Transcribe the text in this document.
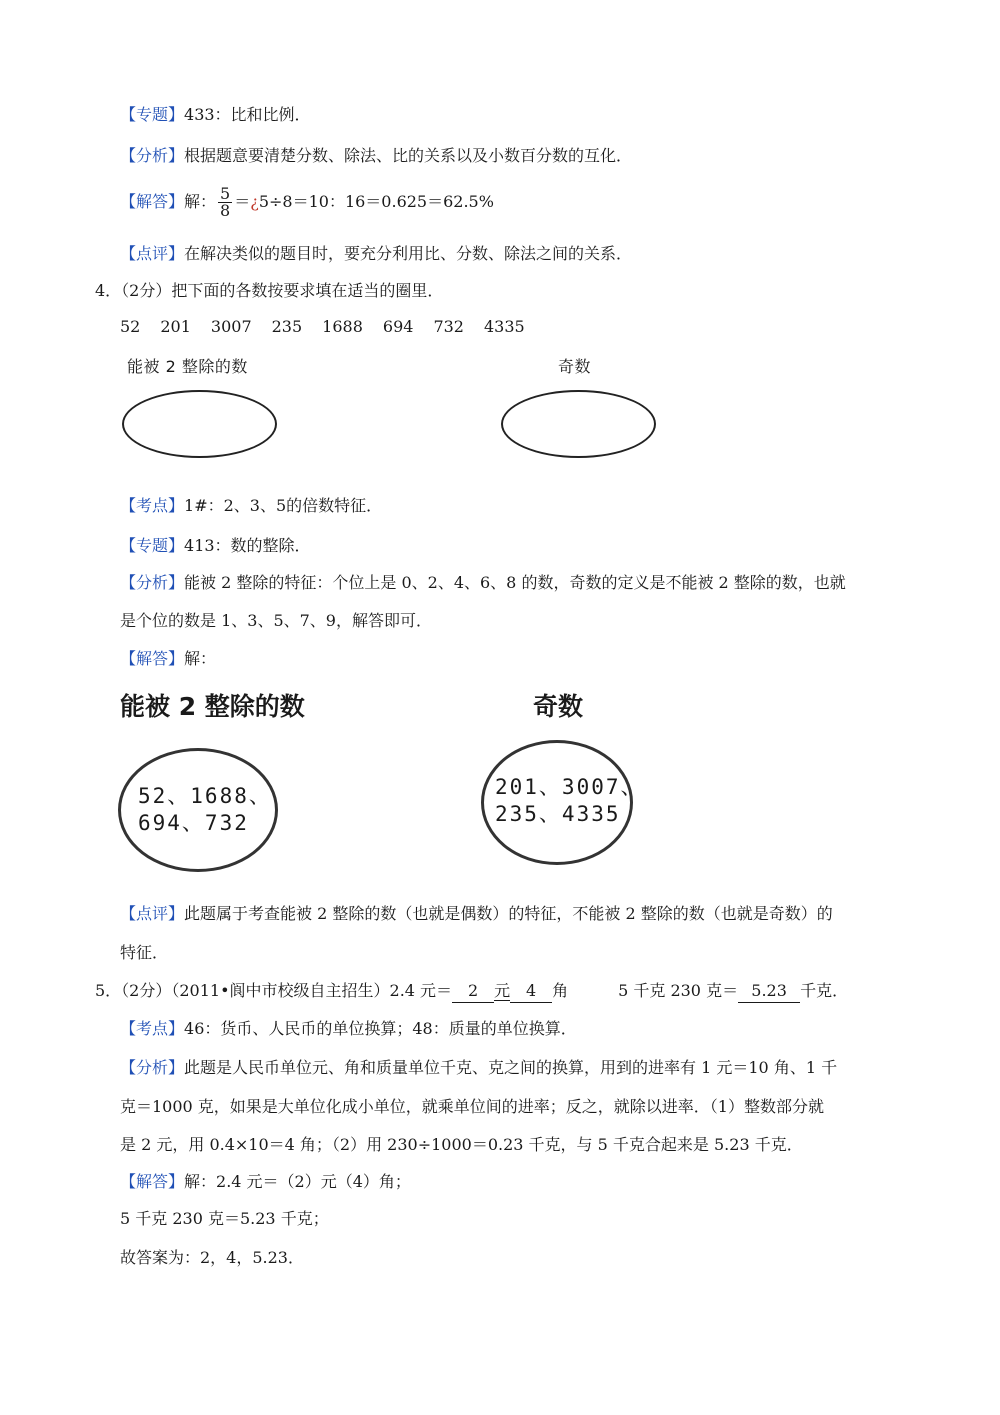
【专题】433：比和比例．
【分析】根据题意要清楚分数、除法、比的关系以及小数百分数的互化．
【解答】解： $\frac{5}{8}$ ＝¿5÷8＝10：16＝0.625＝62.5%
【点评】在解决类似的题目时，要充分利用比、分数、除法之间的关系．
4．（2分）把下面的各数按要求填在适当的圈里．
52 201 3007 235 1688 694 732 4335
能被 2 整除的数	奇数
【考点】1#：2、3、5的倍数特征．
【专题】413：数的整除．
【分析】能被 2 整除的特征：个位上是 0、2、4、6、8 的数，奇数的定义是不能被 2 整除的数，也就
是个位的数是 1、3、5、7、9，解答即可．
【解答】解：
能被 2 整除的数	奇数
52、1688、
694、732
201、3007、
235、4335
【点评】此题属于考查能被 2 整除的数（也就是偶数）的特征，不能被 2 整除的数（也就是奇数）的
特征．
5．（2分）（2011•阆中市校级自主招生）2.4 元＝ 2 元 4 角	5 千克 230 克＝ 5.23 千克．
【考点】46：货币、人民币的单位换算；48：质量的单位换算．
【分析】此题是人民币单位元、角和质量单位千克、克之间的换算，用到的进率有 1 元＝10 角、1 千
克＝1000 克，如果是大单位化成小单位，就乘单位间的进率；反之，就除以进率．（1）整数部分就
是 2 元，用 0.4×10＝4 角；（2）用 230÷1000＝0.23 千克，与 5 千克合起来是 5.23 千克．
【解答】解：2.4 元＝（2）元（4）角；
5 千克 230 克＝5.23 千克；
故答案为：2，4，5.23．
